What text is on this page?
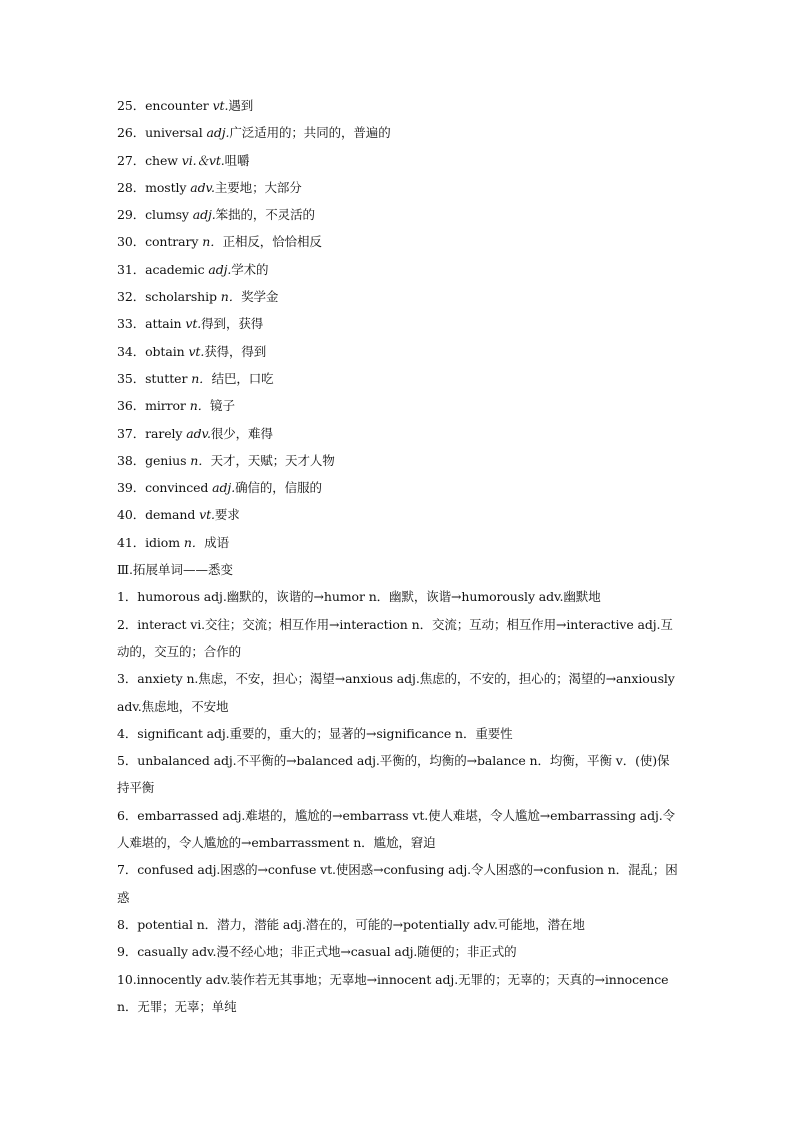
25．encounter vt.遇到
26．universal adj.广泛适用的；共同的，普遍的
27．chew vi.＆vt.咀嚼
28．mostly adv.主要地；大部分
29．clumsy adj.笨拙的，不灵活的
30．contrary n．正相反，恰恰相反
31．academic adj.学术的
32．scholarship n．奖学金
33．attain vt.得到，获得
34．obtain vt.获得，得到
35．stutter n．结巴，口吃
36．mirror n．镜子
37．rarely adv.很少，难得
38．genius n．天才，天赋；天才人物
39．convinced adj.确信的，信服的
40．demand vt.要求
41．idiom n．成语
Ⅲ.拓展单词——悉变
1．humorous adj.幽默的，诙谐的→humor n．幽默，诙谐→humorously adv.幽默地
2．interact vi.交往；交流；相互作用→interaction n．交流；互动；相互作用→interactive adj.互动的，交互的；合作的
3．anxiety n.焦虑，不安，担心；渴望→anxious adj.焦虑的，不安的，担心的；渴望的→anxiously adv.焦虑地，不安地
4．significant adj.重要的，重大的；显著的→significance n．重要性
5．unbalanced adj.不平衡的→balanced adj.平衡的，均衡的→balance n．均衡，平衡 v．(使)保持平衡
6．embarrassed adj.难堪的，尴尬的→embarrass vt.使人难堪，令人尴尬→embarrassing adj.令人难堪的，令人尴尬的→embarrassment n．尴尬，窘迫
7．confused adj.困惑的→confuse vt.使困惑→confusing adj.令人困惑的→confusion n．混乱；困惑
8．potential n．潜力，潜能 adj.潜在的，可能的→potentially adv.可能地，潜在地
9．casually adv.漫不经心地；非正式地→casual adj.随便的；非正式的
10.innocently adv.装作若无其事地；无辜地→innocent adj.无罪的；无辜的；天真的→innocence n．无罪；无辜；单纯
